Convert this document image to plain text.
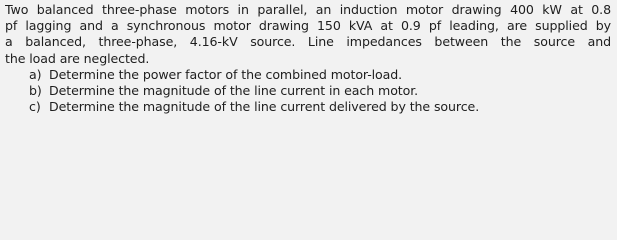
Two balanced three-phase motors in parallel, an induction motor drawing 400 kW at 0.8
pf lagging and a synchronous motor drawing 150 kVA at 0.9 pf leading, are supplied by
a balanced, three-phase, 4.16-kV source. Line impedances between the source and
the load are neglected.

a) Determine the power factor of the combined motor-load.
b) Determine the magnitude of the line current in each motor.
c) Determine the magnitude of the line current delivered by the source.
